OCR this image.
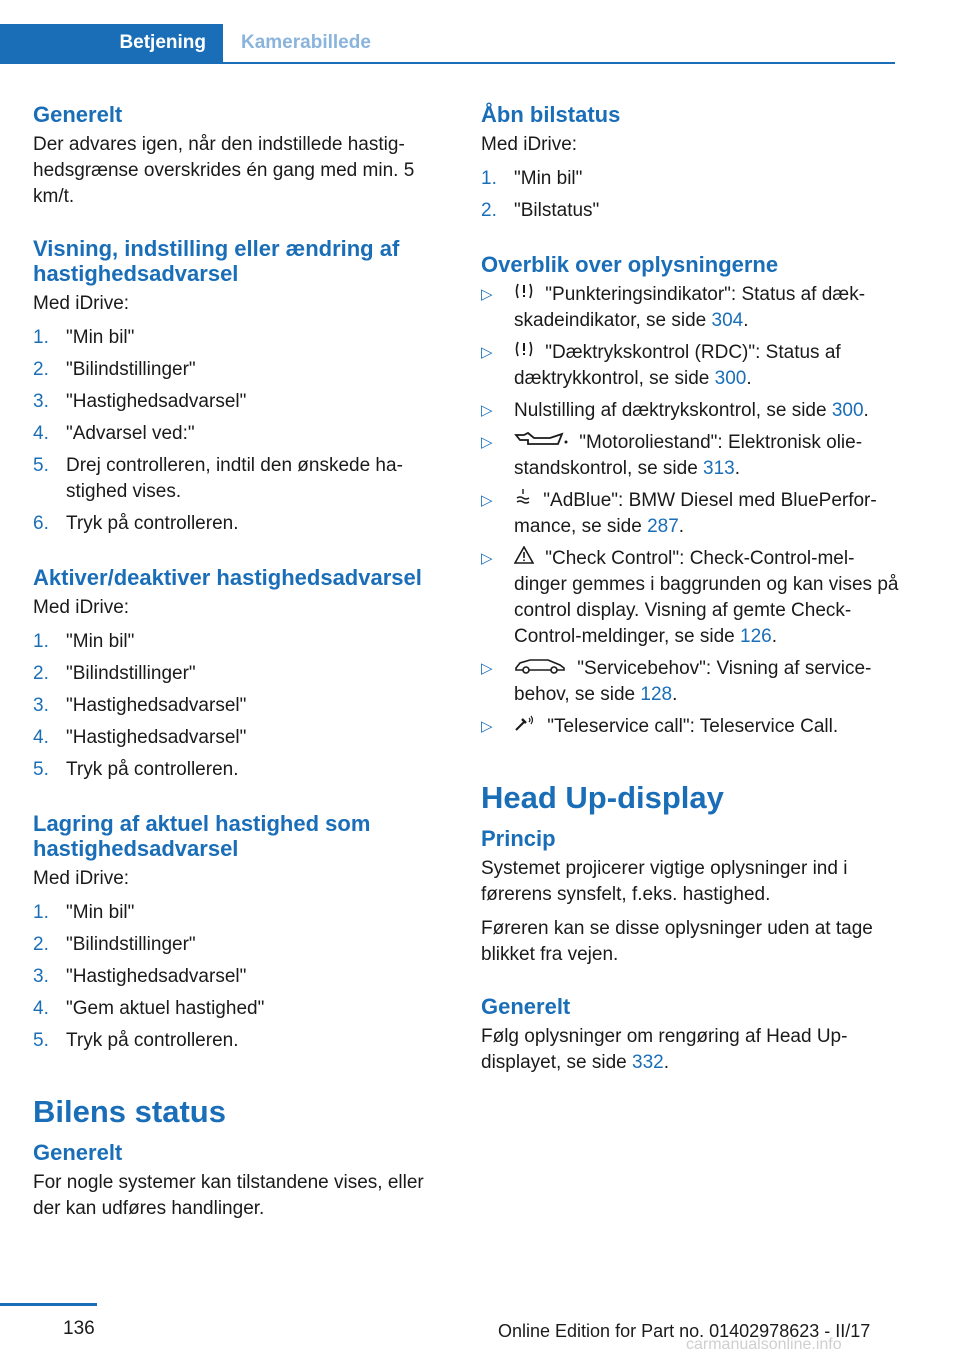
Betjening Kamerabillede
Generelt

Der advares igen, når den indstillede hastighedsgrænse overskrides én gang med min. 5 km/t.

Visning, indstilling eller ændring af hastighedsadvarsel

Med iDrive:

1. "Min bil"
2. "Bilindstillinger"
3. "Hastighedsadvarsel"
4. "Advarsel ved:"
5. Drej controlleren, indtil den ønskede hastighed vises.
6. Tryk på controlleren.
Aktiver/deaktiver hastighedsadvarsel

Med iDrive:

1. "Min bil"
2. "Bilindstillinger"
3. "Hastighedsadvarsel"
4. "Hastighedsadvarsel"
5. Tryk på controlleren.
Lagring af aktuel hastighed som hastighedsadvarsel

Med iDrive:

1. "Min bil"
2. "Bilindstillinger"
3. "Hastighedsadvarsel"
4. "Gem aktuel hastighed"
5. Tryk på controlleren.
Bilens status
Generelt

For nogle systemer kan tilstandene vises, eller der kan udføres handlinger.

Åbn bilstatus

Med iDrive:

1. "Min bil"
2. "Bilstatus"
Overblik over oplysningerne
▷ "Punkteringsindikator": Status af dækskadeindikator, se side 304.
▷ "Dæktrykskontrol (RDC)": Status af dæktrykkontrol, se side 300.
▷ Nulstilling af dæktrykskontrol, se side 300.
▷	"Motoroliestand": Elektronisk oliestandskontrol, se side 313.
▷ "AdBlue": BMW Diesel med BluePerformance, se side 287.
▷ "Check Control": Check-Control-meldinger gemmes i baggrunden og kan vises på control display. Visning af gemte Check-Control-meldinger, se side 126.
▷	"Servicebehov": Visning af servicebehov, se side 128.
▷	"Teleservice call": Teleservice Call.
Head Up-display
Princip

Systemet projicerer vigtige oplysninger ind i førerens synsfelt, f.eks. hastighed.

Føreren kan se disse oplysninger uden at tage blikket fra vejen.

Generelt

Følg oplysninger om rengøring af Head Up-displayet, se side 332.

136	Online Edition for Part no. 01402978623 - II/17
carmanualsonline.info
